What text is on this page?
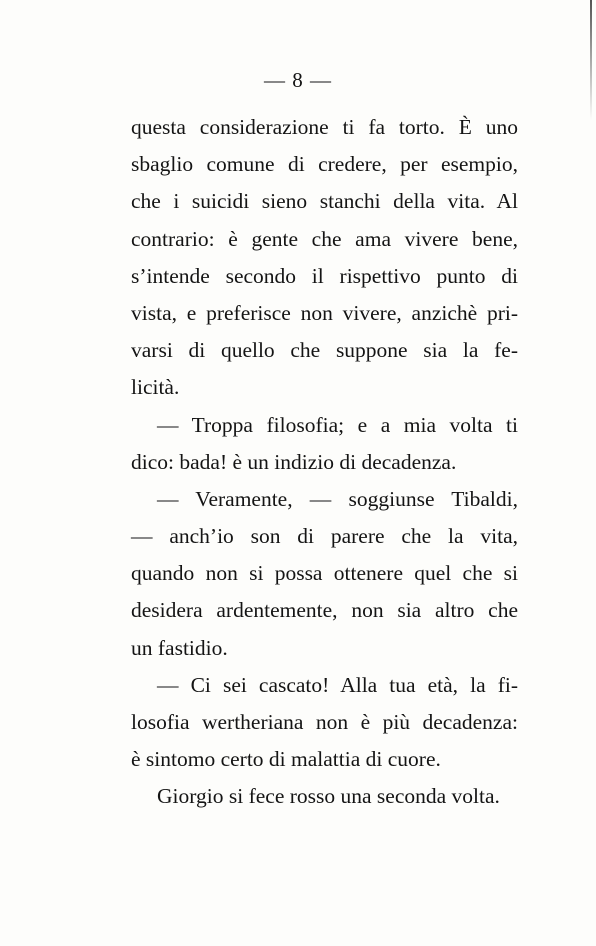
— 8 —
questa considerazione ti fa torto. È uno
sbaglio comune di credere, per esempio,
che i suicidi sieno stanchi della vita. Al
contrario: è gente che ama vivere bene,
s’intende secondo il rispettivo punto di
vista, e preferisce non vivere, anzichè pri-
varsi di quello che suppone sia la fe-
licità.
— Troppa filosofia; e a mia volta ti
dico: bada! è un indizio di decadenza.
— Veramente, — soggiunse Tibaldi,
— anch’io son di parere che la vita,
quando non si possa ottenere quel che si
desidera ardentemente, non sia altro che
un fastidio.
— Ci sei cascato! Alla tua età, la fi-
losofia wertheriana non è più decadenza:
è sintomo certo di malattia di cuore.
Giorgio si fece rosso una seconda volta.
